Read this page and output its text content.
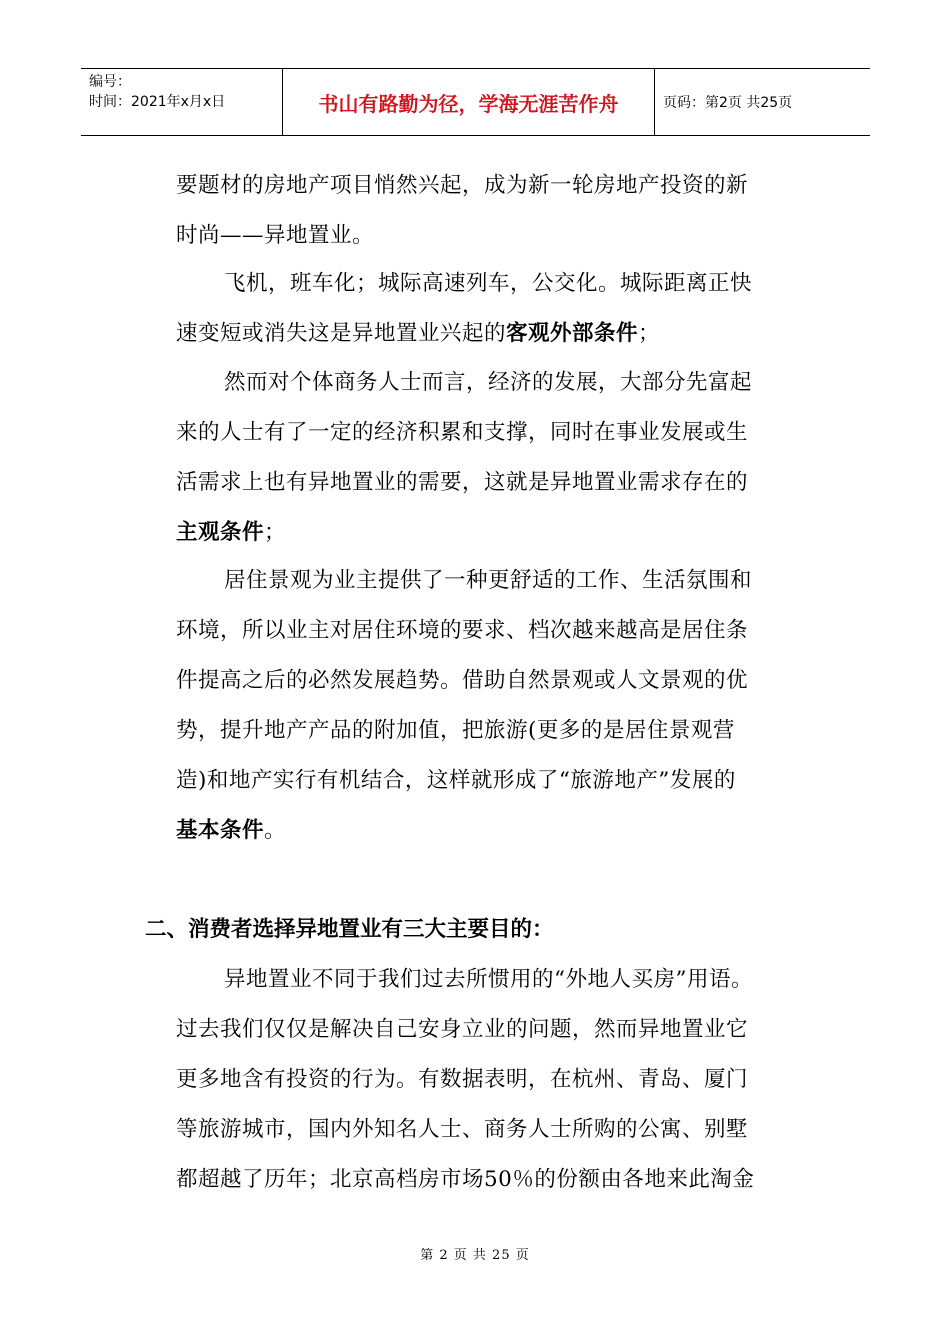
编号：
时间：2021年x月x日	书山有路勤为径，学海无涯苦作舟	页码：第2页 共25页
要题材的房地产项目悄然兴起，成为新一轮房地产投资的新
时尚——异地置业。
飞机，班车化；城际高速列车，公交化。城际距离正快
速变短或消失这是异地置业兴起的客观外部条件；
然而对个体商务人士而言，经济的发展，大部分先富起
来的人士有了一定的经济积累和支撑，同时在事业发展或生
活需求上也有异地置业的需要，这就是异地置业需求存在的
主观条件；
居住景观为业主提供了一种更舒适的工作、生活氛围和
环境，所以业主对居住环境的要求、档次越来越高是居住条
件提高之后的必然发展趋势。借助自然景观或人文景观的优
势，提升地产产品的附加值，把旅游(更多的是居住景观营
造)和地产实行有机结合，这样就形成了“旅游地产”发展的
基本条件。
二、消费者选择异地置业有三大主要目的：
异地置业不同于我们过去所惯用的“外地人买房”用语。
过去我们仅仅是解决自己安身立业的问题，然而异地置业它
更多地含有投资的行为。有数据表明，在杭州、青岛、厦门
等旅游城市，国内外知名人士、商务人士所购的公寓、别墅
都超越了历年；北京高档房市场50％的份额由各地来此淘金
第 2 页 共 25 页
